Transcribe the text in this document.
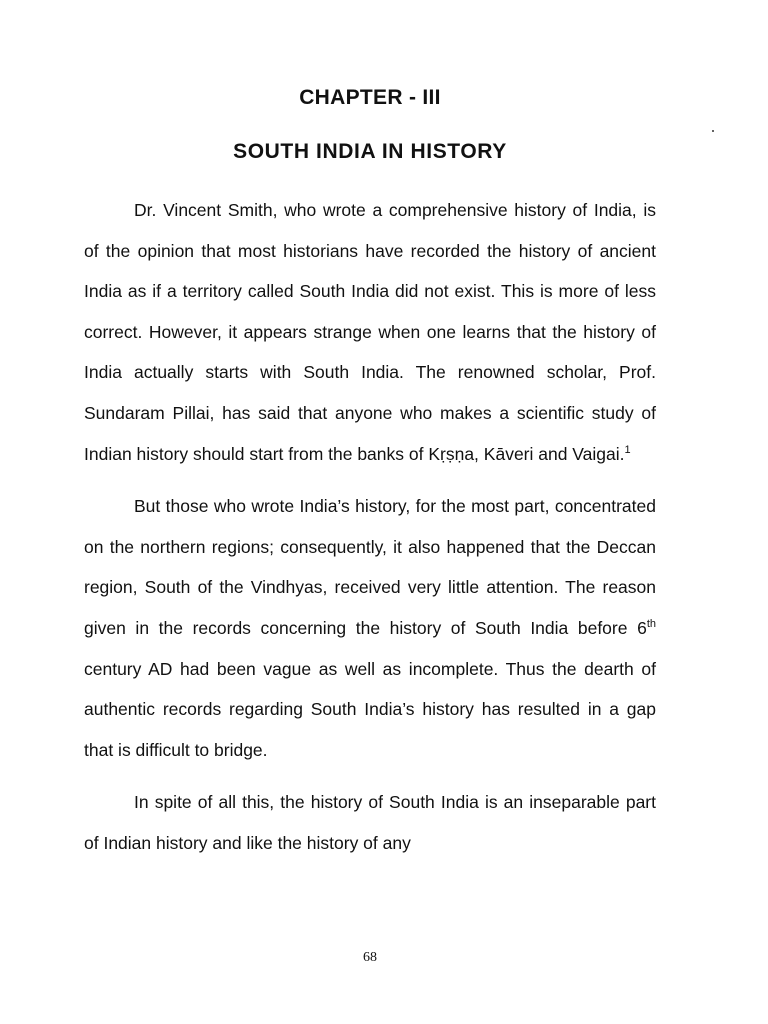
CHAPTER - III
SOUTH INDIA IN HISTORY

Dr. Vincent Smith, who wrote a comprehensive history of India, is of the opinion that most historians have recorded the history of ancient India as if a territory called South India did not exist. This is more of less correct. However, it appears strange when one learns that the history of India actually starts with South India. The renowned scholar, Prof. Sundaram Pillai, has said that anyone who makes a scientific study of Indian history should start from the banks of Kṛṣṇa, Kāveri and Vaigai.$^1$

But those who wrote India’s history, for the most part, concentrated on the northern regions; consequently, it also happened that the Deccan region, South of the Vindhyas, received very little attention. The reason given in the records concerning the history of South India before 6th century AD had been vague as well as incomplete. Thus the dearth of authentic records regarding South India’s history has resulted in a gap that is difficult to bridge.

In spite of all this, the history of South India is an inseparable part of Indian history and like the history of any

68
